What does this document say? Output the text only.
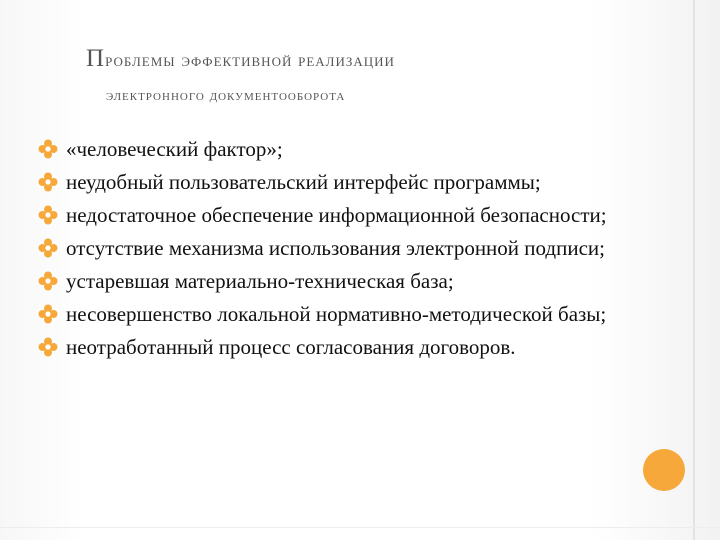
Проблемы эффективной реализации
электронного документооборота
«человеческий фактор»;
неудобный пользовательский интерфейс программы;
недостаточное обеспечение информационной безопасности;
отсутствие механизма использования электронной подписи;
устаревшая материально-техническая база;
несовершенство локальной нормативно-методической базы;
неотработанный процесс согласования договоров.
